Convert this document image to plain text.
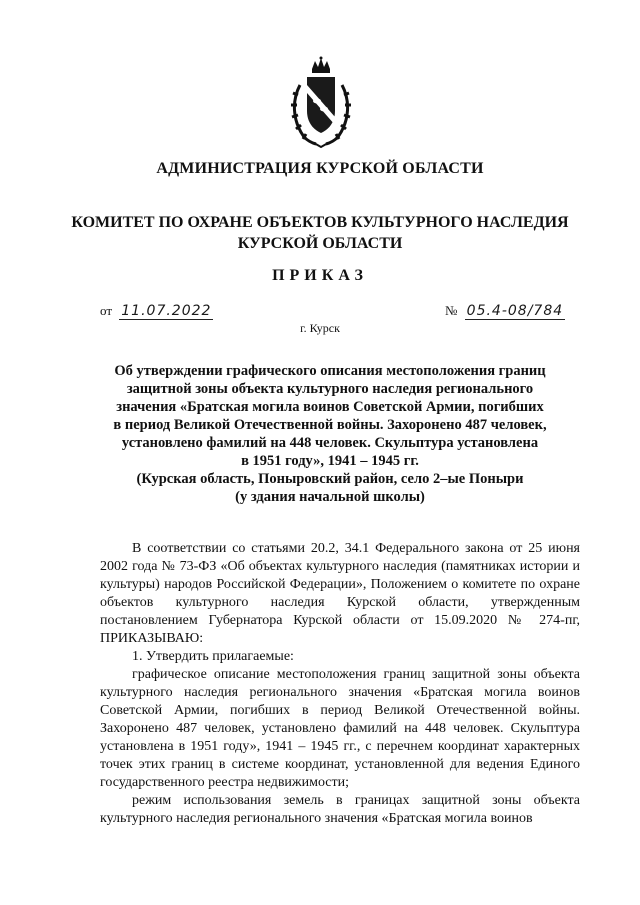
АДМИНИСТРАЦИЯ КУРСКОЙ ОБЛАСТИ
КОМИТЕТ ПО ОХРАНЕ ОБЪЕКТОВ КУЛЬТУРНОГО НАСЛЕДИЯ
КУРСКОЙ ОБЛАСТИ
ПРИКАЗ
от 11.07.2022	№ 05.4-08/784
г. Курск
Об утверждении графического описания местоположения границ
защитной зоны объекта культурного наследия регионального
значения «Братская могила воинов Советской Армии, погибших
в период Великой Отечественной войны. Захоронено 487 человек,
установлено фамилий на 448 человек. Скульптура установлена
в 1951 году», 1941 – 1945 гг.
(Курская область, Поныровский район, село 2–ые Поныри
(у здания начальной школы)

В соответствии со статьями 20.2, 34.1 Федерального закона от 25 июня 2002 года № 73-ФЗ «Об объектах культурного наследия (памятниках истории и культуры) народов Российской Федерации», Положением о комитете по охране объектов культурного наследия Курской области, утвержденным постановлением Губернатора Курской области от 15.09.2020 № 274-пг, ПРИКАЗЫВАЮ:

1. Утвердить прилагаемые:

графическое описание местоположения границ защитной зоны объекта культурного наследия регионального значения «Братская могила воинов Советской Армии, погибших в период Великой Отечественной войны. Захоронено 487 человек, установлено фамилий на 448 человек. Скульптура установлена в 1951 году», 1941 – 1945 гг., с перечнем координат характерных точек этих границ в системе координат, установленной для ведения Единого государственного реестра недвижимости;

режим использования земель в границах защитной зоны объекта культурного наследия регионального значения «Братская могила воинов
